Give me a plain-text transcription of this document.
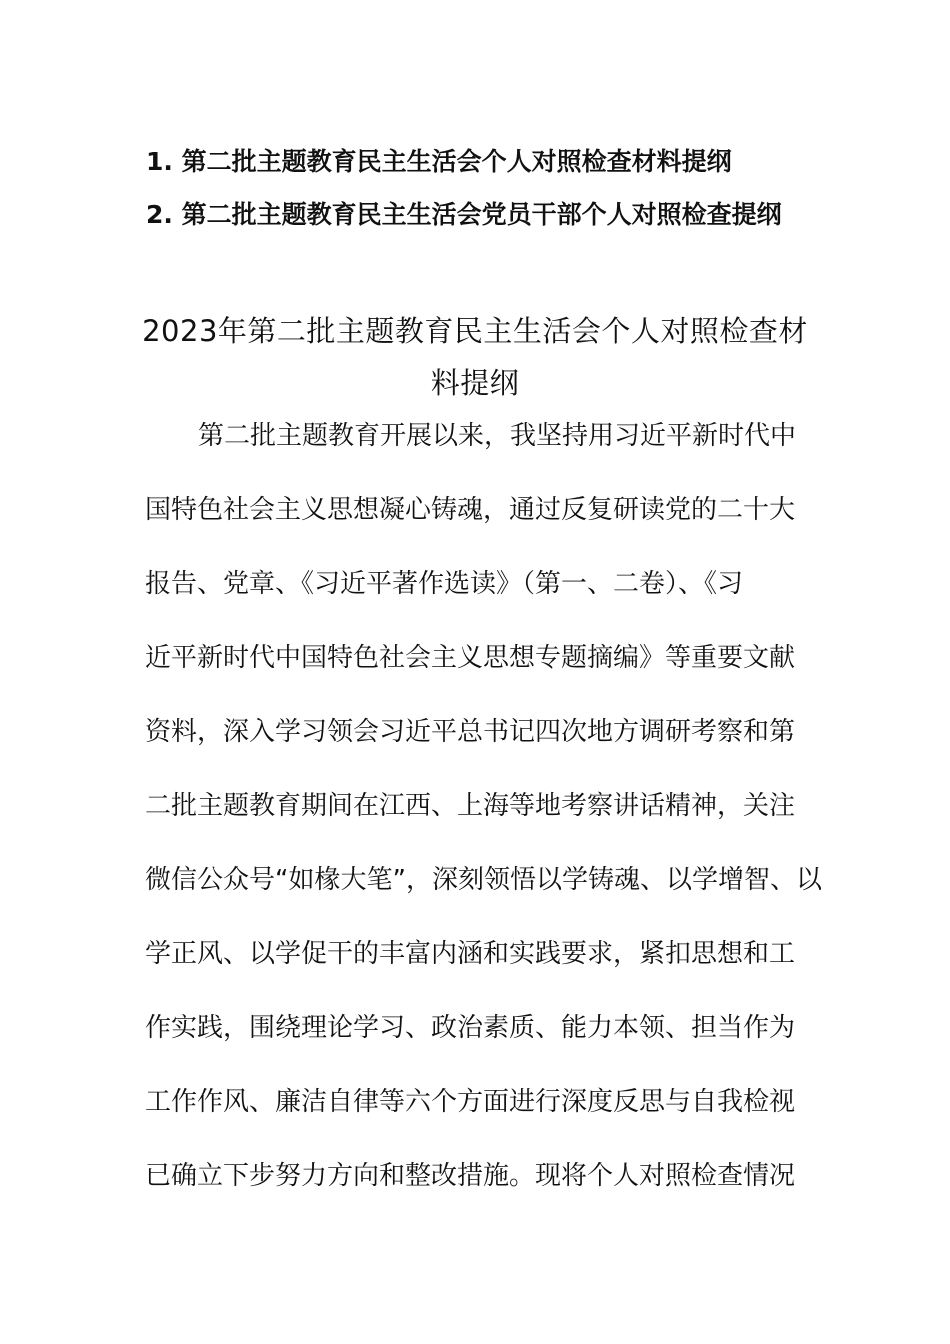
1. 第二批主题教育民主生活会个人对照检查材料提纲
2. 第二批主题教育民主生活会党员干部个人对照检查提纲
2023年第二批主题教育民主生活会个人对照检查材
料提纲
第二批主题教育开展以来，我坚持用习近平新时代中
国特色社会主义思想凝心铸魂，通过反复研读党的二十大
报告、党章、《习近平著作选读》（第一、二卷）、《习
近平新时代中国特色社会主义思想专题摘编》等重要文献
资料，深入学习领会习近平总书记四次地方调研考察和第
二批主题教育期间在江西、上海等地考察讲话精神，关注
微信公众号“如椽大笔”，深刻领悟以学铸魂、以学增智、以
学正风、以学促干的丰富内涵和实践要求，紧扣思想和工
作实践，围绕理论学习、政治素质、能力本领、担当作为
工作作风、廉洁自律等六个方面进行深度反思与自我检视
已确立下步努力方向和整改措施。现将个人对照检查情况
